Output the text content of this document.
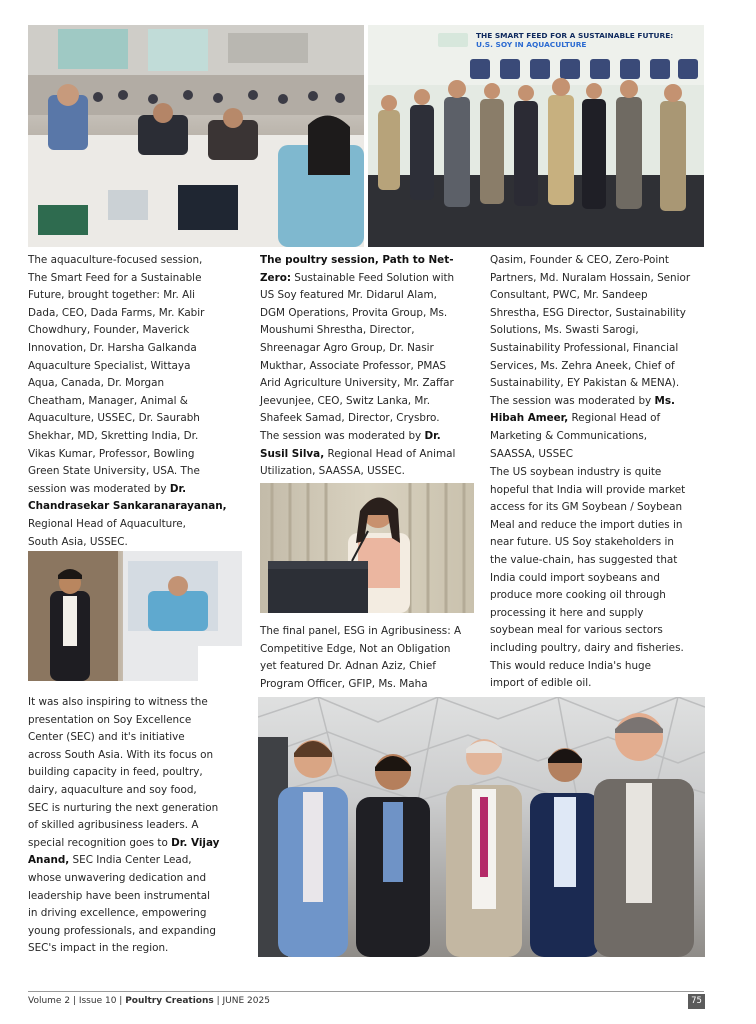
THE SMART FEED FOR A SUSTAINABLE FUTURE:
U.S. SOY IN AQUACULTURE
The aquaculture-focused session,
The Smart Feed for a Sustainable
Future, brought together: Mr. Ali
Dada, CEO, Dada Farms, Mr. Kabir
Chowdhury, Founder, Maverick
Innovation, Dr. Harsha Galkanda
Aquaculture Specialist, Wittaya
Aqua, Canada, Dr. Morgan
Cheatham, Manager, Animal &
Aquaculture, USSEC, Dr. Saurabh
Shekhar, MD, Skretting India, Dr.
Vikas Kumar, Professor, Bowling
Green State University, USA. The
session was moderated by Dr.
Chandrasekar Sankaranarayanan,
Regional Head of Aquaculture,
South Asia, USSEC.
It was also inspiring to witness the
presentation on Soy Excellence
Center (SEC) and it's initiative
across South Asia. With its focus on
building capacity in feed, poultry,
dairy, aquaculture and soy food,
SEC is nurturing the next generation
of skilled agribusiness leaders. A
special recognition goes to Dr. Vijay
Anand, SEC India Center Lead,
whose unwavering dedication and
leadership have been instrumental
in driving excellence, empowering
young professionals, and expanding
SEC's impact in the region.
The poultry session, Path to Net-
Zero: Sustainable Feed Solution with
US Soy featured Mr. Didarul Alam,
DGM Operations, Provita Group, Ms.
Moushumi Shrestha, Director,
Shreenagar Agro Group, Dr. Nasir
Mukthar, Associate Professor, PMAS
Arid Agriculture University, Mr. Zaffar
Jeevunjee, CEO, Switz Lanka, Mr.
Shafeek Samad, Director, Crysbro.
The session was moderated by Dr.
Susil Silva, Regional Head of Animal
Utilization, SAASSA, USSEC.
The final panel, ESG in Agribusiness: A
Competitive Edge, Not an Obligation
yet featured Dr. Adnan Aziz, Chief
Program Officer, GFIP, Ms. Maha
Qasim, Founder & CEO, Zero-Point
Partners, Md. Nuralam Hossain, Senior
Consultant, PWC, Mr. Sandeep
Shrestha, ESG Director, Sustainability
Solutions, Ms. Swasti Sarogi,
Sustainability Professional, Financial
Services, Ms. Zehra Aneek, Chief of
Sustainability, EY Pakistan & MENA).
The session was moderated by Ms.
Hibah Ameer, Regional Head of
Marketing & Communications,
SAASSA, USSEC
The US soybean industry is quite
hopeful that India will provide market
access for its GM Soybean / Soybean
Meal and reduce the import duties in
near future. US Soy stakeholders in
the value-chain, has suggested that
India could import soybeans and
produce more cooking oil through
processing it here and supply
soybean meal for various sectors
including poultry, dairy and fisheries.
This would reduce India's huge
import of edible oil.
Volume 2 | Issue 10 | Poultry Creations | JUNE 2025	75
